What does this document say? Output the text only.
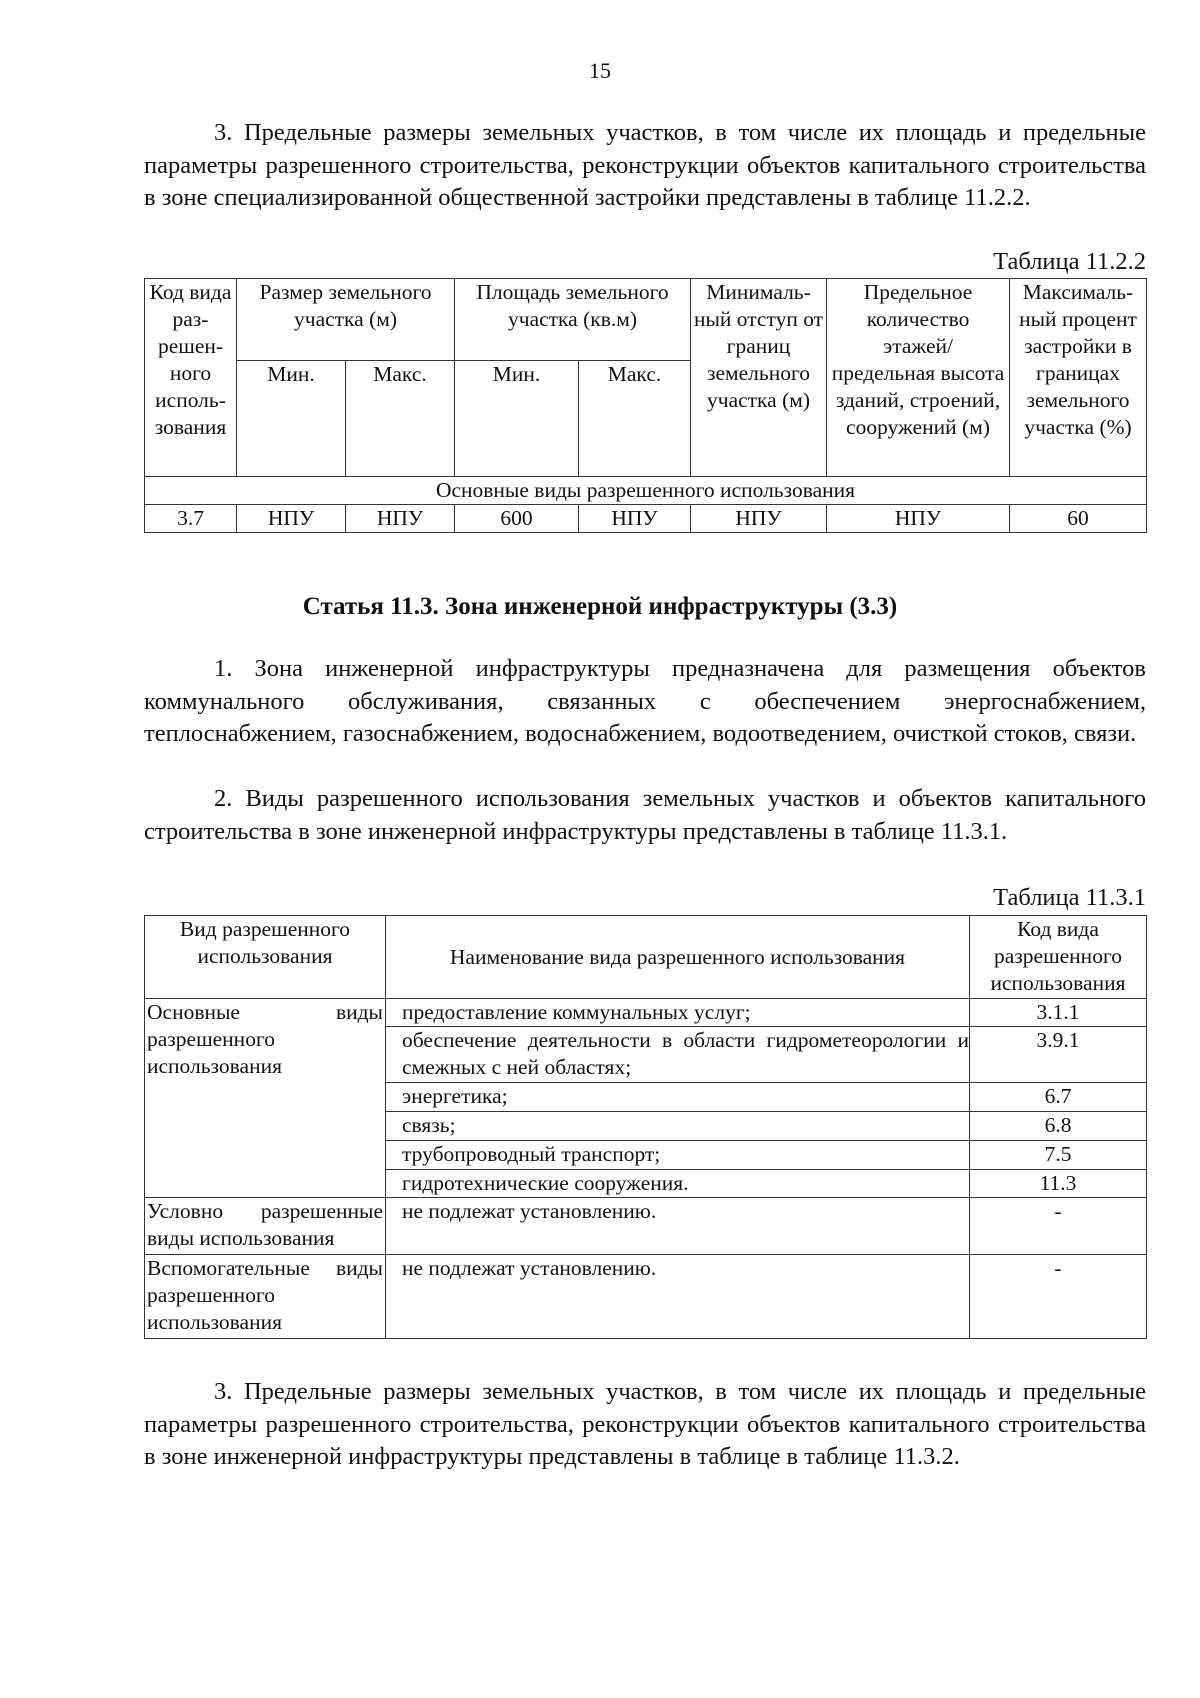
15

3. Предельные размеры земельных участков, в том числе их площадь и предельные параметры разрешенного строительства, реконструкции объектов капитального строительства в зоне специализированной общественной застройки представлены в таблице 11.2.2.

Таблица 11.2.2
Код вида раз-решен-ного исполь-зования	Размер земельного участка (м)		Площадь земельного участка (кв.м)		Минималь-ный отступ от границ земельного участка (м)	Предельное количество этажей/ предельная высота зданий, строений, сооружений (м)	Максималь-ный процент застройки в границах земельного участка (%)
	Мин.	Макс.	Мин.	Макс.			
Основные виды разрешенного использования							
3.7	НПУ	НПУ	600	НПУ	НПУ	НПУ	60
Статья 11.3. Зона инженерной инфраструктуры (3.3)

1. Зона инженерной инфраструктуры предназначена для размещения объектов коммунального обслуживания, связанных с обеспечением энергоснабжением, теплоснабжением, газоснабжением, водоснабжением, водоотведением, очисткой стоков, связи.

2. Виды разрешенного использования земельных участков и объектов капитального строительства в зоне инженерной инфраструктуры представлены в таблице 11.3.1.

Таблица 11.3.1
Вид разрешенного использования	Наименование вида разрешенного использования	Код вида разрешенного использования
Основные виды разрешенного использования	предоставление коммунальных услуг;	3.1.1
	обеспечение деятельности в области гидрометеорологии и смежных с ней областях;	3.9.1
	энергетика;	6.7
	связь;	6.8
	трубопроводный транспорт;	7.5
	гидротехнические сооружения.	11.3
Условно разрешенные виды использования	не подлежат установлению.	-
Вспомогательные виды разрешенного использования	не подлежат установлению.	-

3. Предельные размеры земельных участков, в том числе их площадь и предельные параметры разрешенного строительства, реконструкции объектов капитального строительства в зоне инженерной инфраструктуры представлены в таблице в таблице 11.3.2.
